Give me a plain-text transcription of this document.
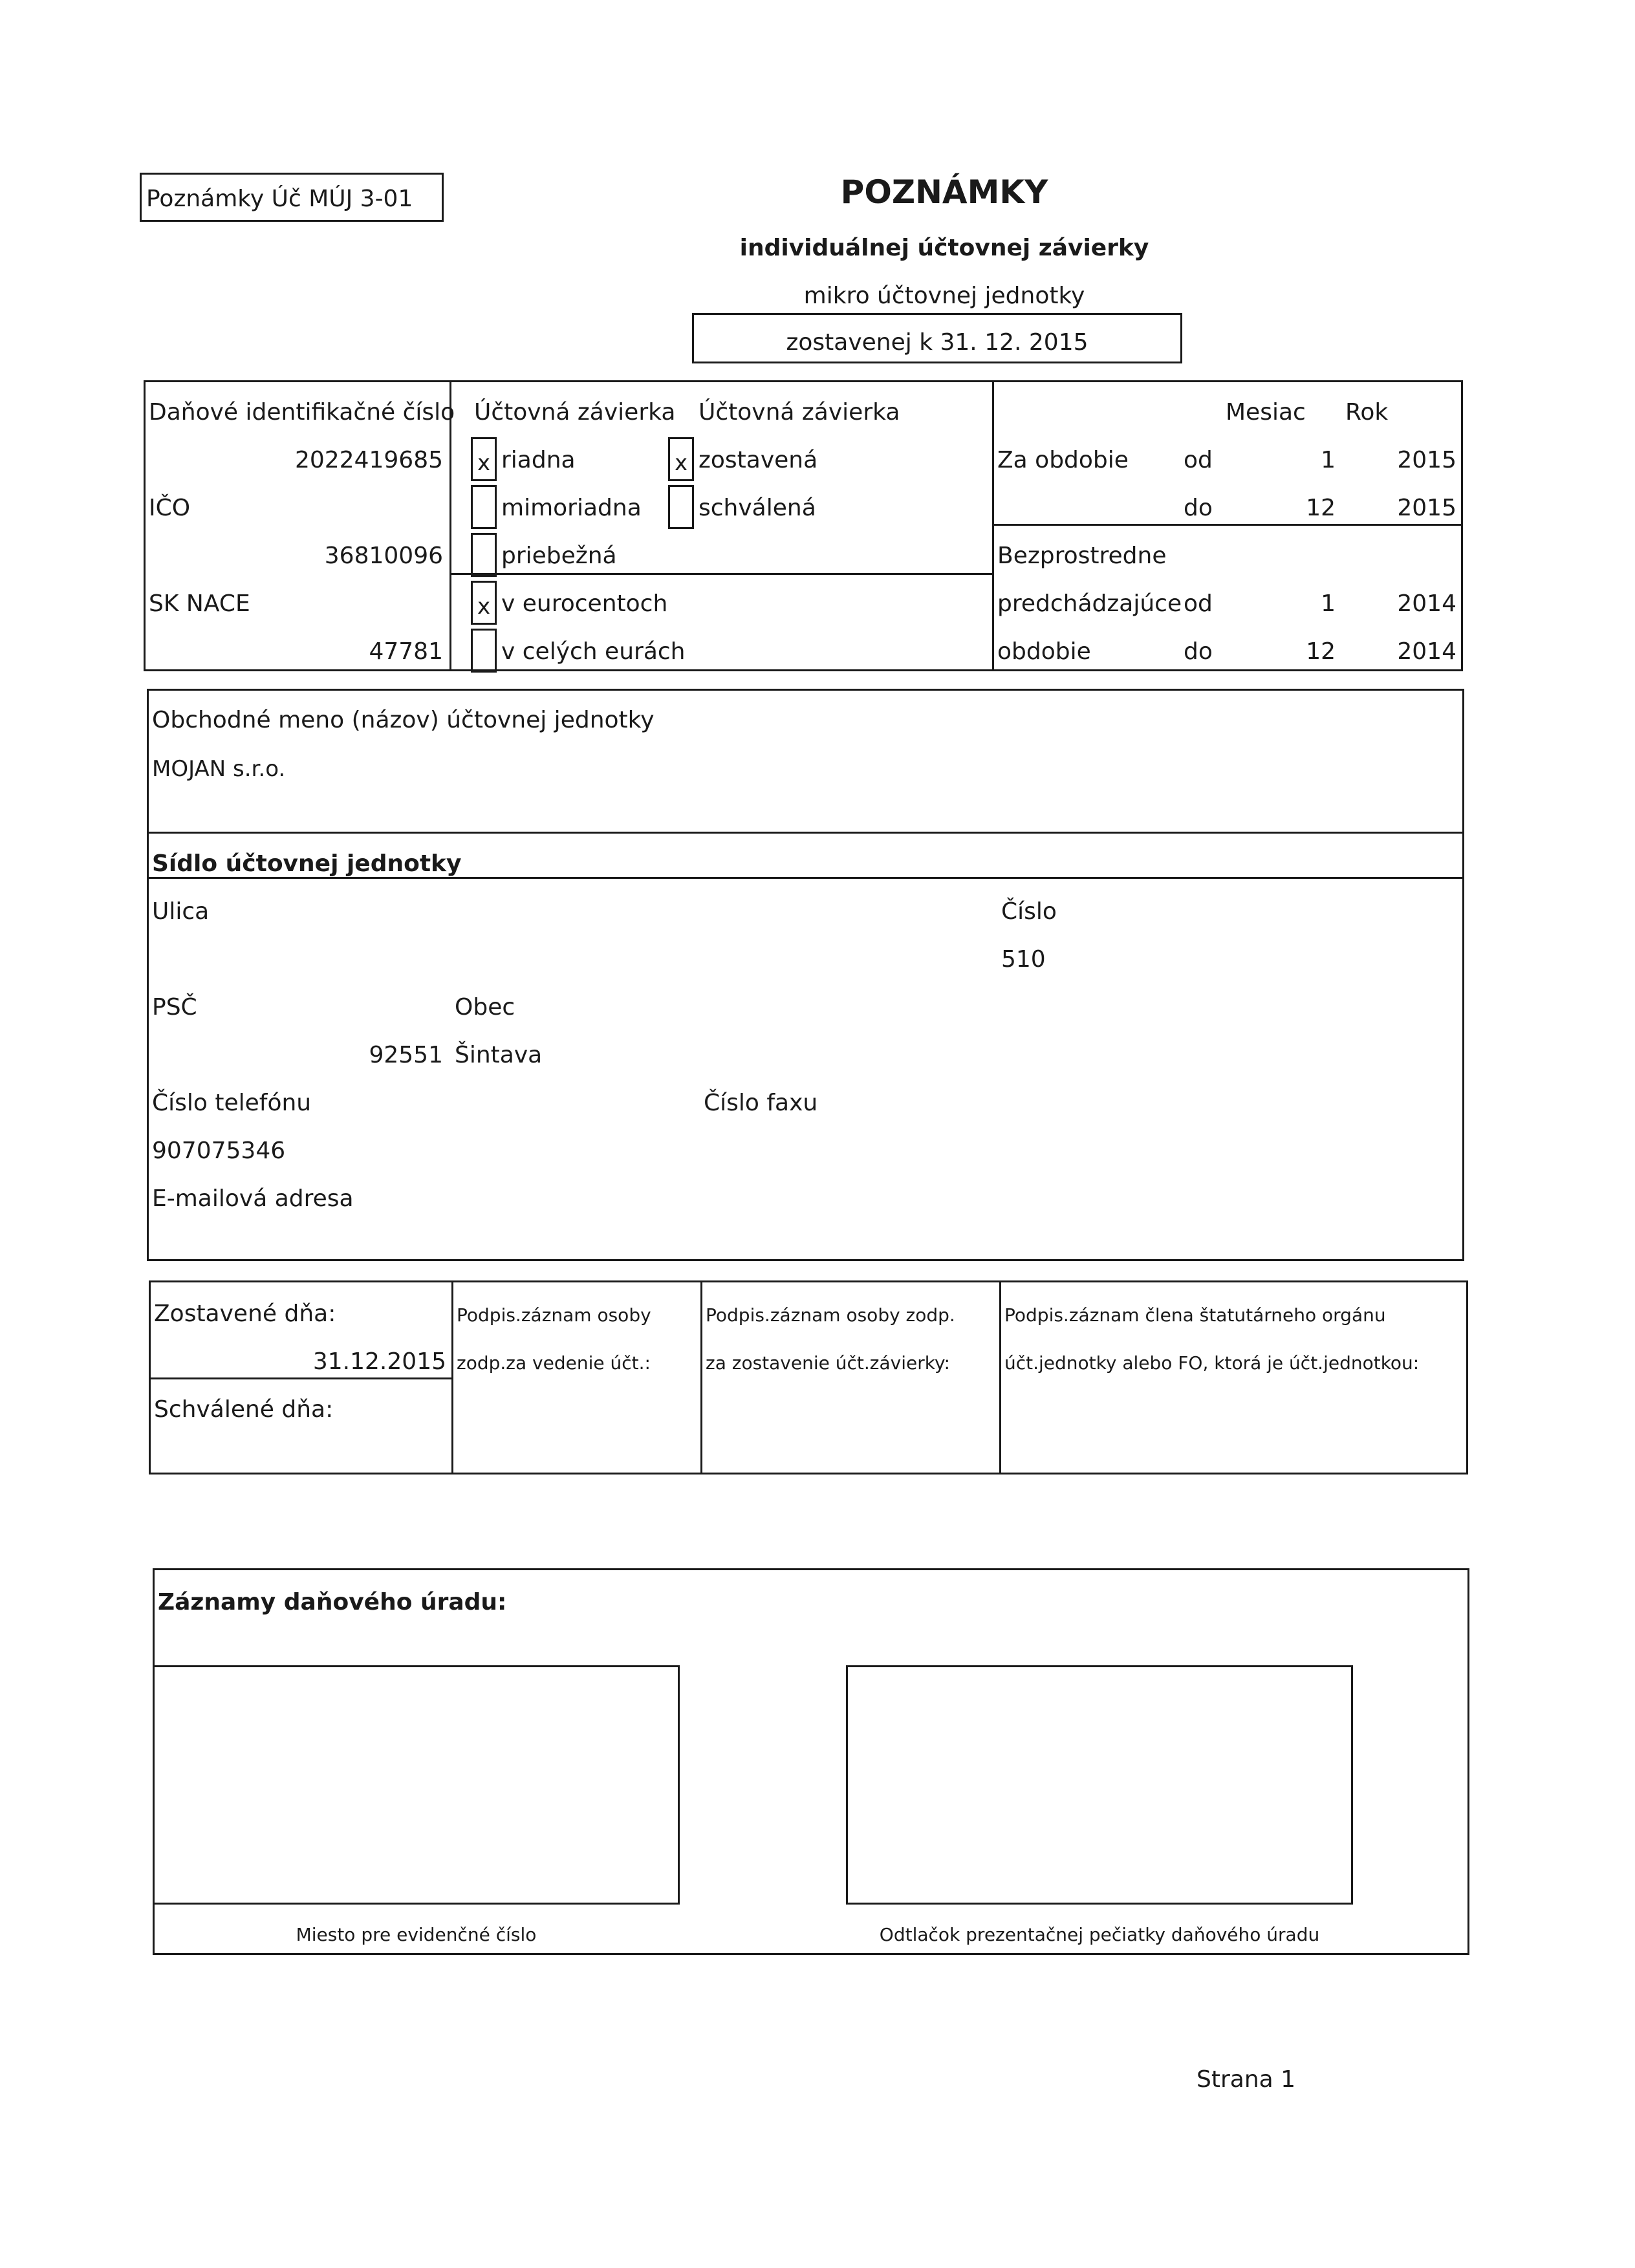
Poznámky Úč MÚJ 3-01	POZNÁMKY
individuálnej účtovnej závierky
mikro účtovnej jednotky
zostavenej k 31. 12. 2015
Daňové identifikačné číslo
2022419685
IČO
36810096
SK NACE
47781
Účtovná závierka
x riadna
mimoriadna
priebežná
x v eurocentoch
v celých eurách
Účtovná závierka
x zostavená
schválená
Mesiac Rok
Za obdobie od	1	2015
do	12	2015
Bezprostredne
predchádzajúce
obdobie
od	1	2014
do	12	2014
Obchodné meno (názov) účtovnej jednotky
MOJAN s.r.o.
Sídlo účtovnej jednotky
Ulica	Číslo
510
PSČ	Obec
92551 Šintava
Číslo telefónu	Číslo faxu
907075346
E-mailová adresa
Zostavené dňa:
31.12.2015
Schválené dňa:
Podpis.záznam osoby
zodp.za vedenie účt.:
Podpis.záznam osoby zodp.
za zostavenie účt.závierky:
Podpis.záznam člena štatutárneho orgánu
účt.jednotky alebo FO, ktorá je účt.jednotkou:
Záznamy daňového úradu:
Miesto pre evidenčné číslo	Odtlačok prezentačnej pečiatky daňového úradu
Strana 1
